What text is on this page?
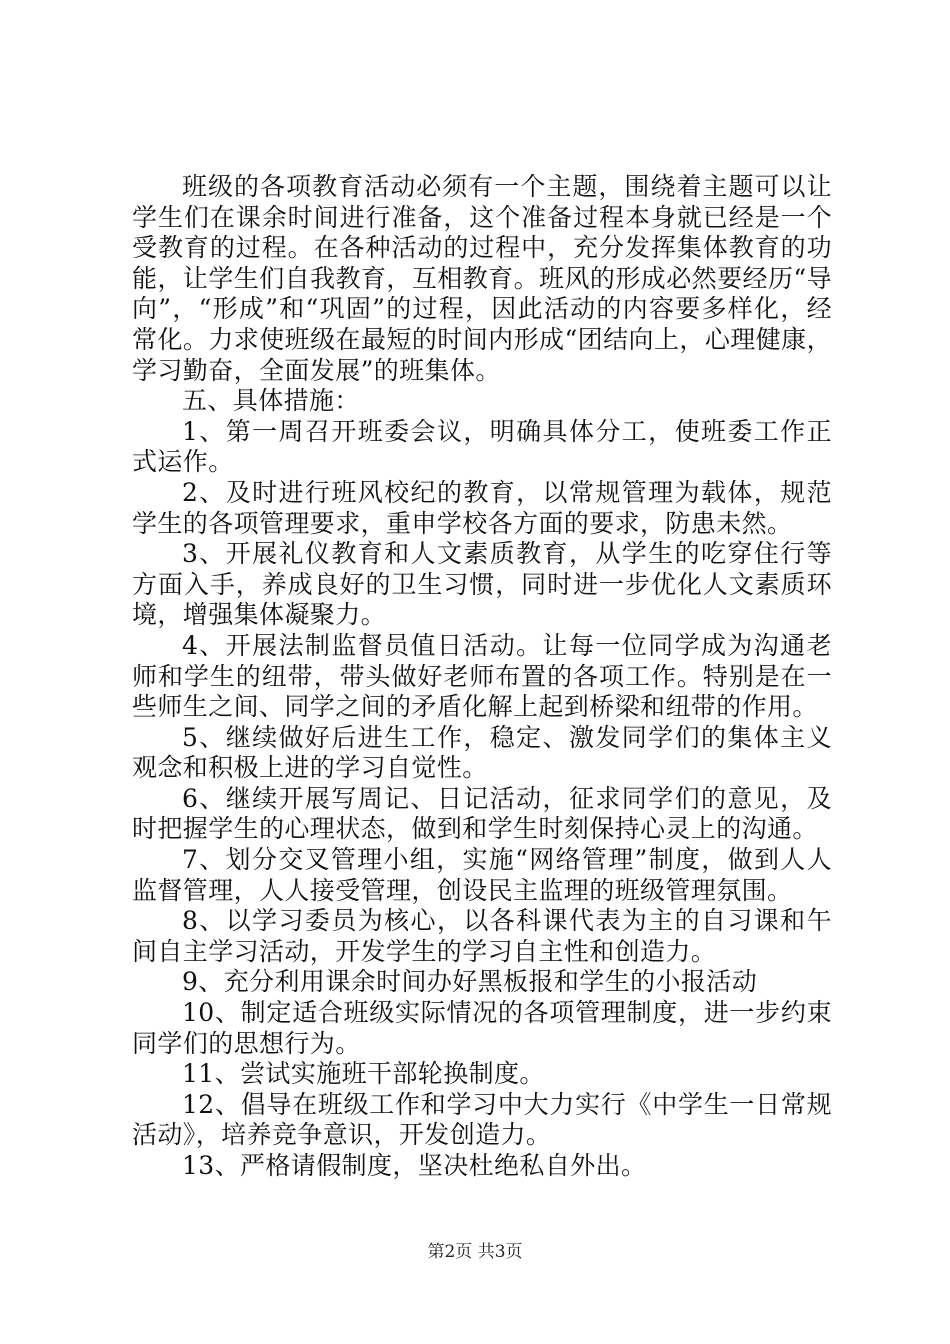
班级的各项教育活动必须有一个主题，围绕着主题可以让学生们在课余时间进行准备，这个准备过程本身就已经是一个受教育的过程。在各种活动的过程中，充分发挥集体教育的功能，让学生们自我教育，互相教育。班风的形成必然要经历“导向”，“形成”和“巩固”的过程，因此活动的内容要多样化，经常化。力求使班级在最短的时间内形成“团结向上，心理健康，学习勤奋，全面发展”的班集体。

五、具体措施：

1、第一周召开班委会议，明确具体分工，使班委工作正式运作。

2、及时进行班风校纪的教育，以常规管理为载体，规范学生的各项管理要求，重申学校各方面的要求，防患未然。

3、开展礼仪教育和人文素质教育，从学生的吃穿住行等方面入手，养成良好的卫生习惯，同时进一步优化人文素质环境，增强集体凝聚力。

4、开展法制监督员值日活动。让每一位同学成为沟通老师和学生的纽带，带头做好老师布置的各项工作。特别是在一些师生之间、同学之间的矛盾化解上起到桥梁和纽带的作用。

5、继续做好后进生工作，稳定、激发同学们的集体主义观念和积极上进的学习自觉性。

6、继续开展写周记、日记活动，征求同学们的意见，及时把握学生的心理状态，做到和学生时刻保持心灵上的沟通。

7、划分交叉管理小组，实施“网络管理”制度，做到人人监督管理，人人接受管理，创设民主监理的班级管理氛围。

8、以学习委员为核心，以各科课代表为主的自习课和午间自主学习活动，开发学生的学习自主性和创造力。

9、充分利用课余时间办好黑板报和学生的小报活动

10、制定适合班级实际情况的各项管理制度，进一步约束同学们的思想行为。

11、尝试实施班干部轮换制度。

12、倡导在班级工作和学习中大力实行《中学生一日常规活动》，培养竞争意识，开发创造力。

13、严格请假制度，坚决杜绝私自外出。

第2页 共3页
